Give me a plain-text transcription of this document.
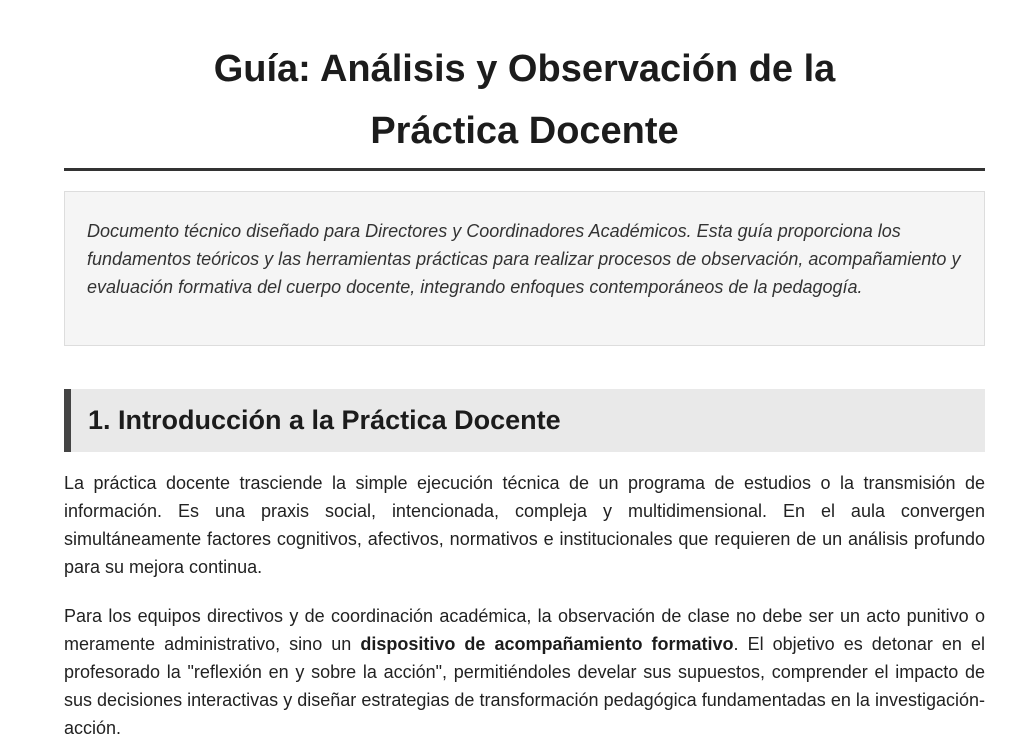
Guía: Análisis y Observación de la
Práctica Docente
Documento técnico diseñado para Directores y Coordinadores Académicos. Esta guía proporciona los fundamentos teóricos y las herramientas prácticas para realizar procesos de observación, acompañamiento y evaluación formativa del cuerpo docente, integrando enfoques contemporáneos de la pedagogía.
1. Introducción a la Práctica Docente

La práctica docente trasciende la simple ejecución técnica de un programa de estudios o la transmisión de información. Es una praxis social, intencionada, compleja y multidimensional. En el aula convergen simultáneamente factores cognitivos, afectivos, normativos e institucionales que requieren de un análisis profundo para su mejora continua.

Para los equipos directivos y de coordinación académica, la observación de clase no debe ser un acto punitivo o meramente administrativo, sino un dispositivo de acompañamiento formativo. El objetivo es detonar en el profesorado la "reflexión en y sobre la acción", permitiéndoles develar sus supuestos, comprender el impacto de sus decisiones interactivas y diseñar estrategias de transformación pedagógica fundamentadas en la investigación-acción.
